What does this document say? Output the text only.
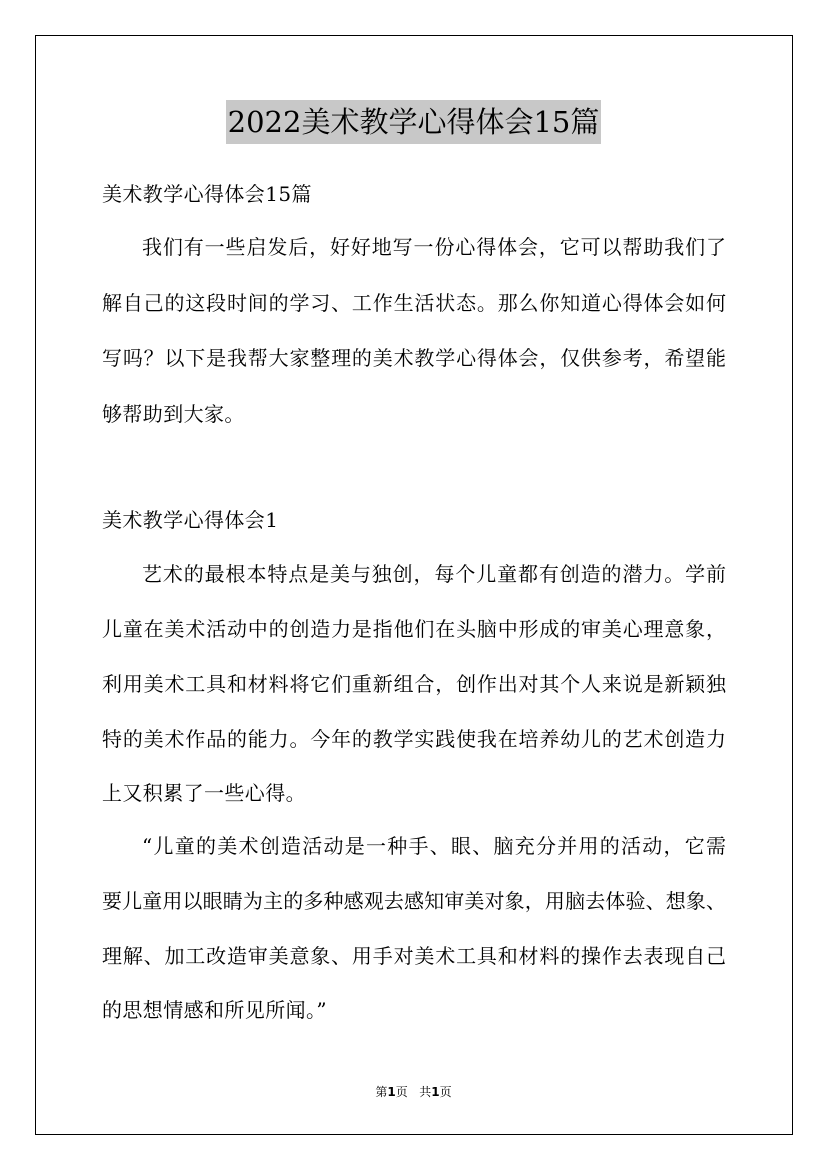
2022美术教学心得体会15篇
美术教学心得体会15篇
我们有一些启发后，好好地写一份心得体会，它可以帮助我们了
解自己的这段时间的学习、工作生活状态。那么你知道心得体会如何
写吗？以下是我帮大家整理的美术教学心得体会，仅供参考，希望能
够帮助到大家。
美术教学心得体会1
艺术的最根本特点是美与独创，每个儿童都有创造的潜力。学前
儿童在美术活动中的创造力是指他们在头脑中形成的审美心理意象，
利用美术工具和材料将它们重新组合，创作出对其个人来说是新颖独
特的美术作品的能力。今年的教学实践使我在培养幼儿的艺术创造力
上又积累了一些心得。
“儿童的美术创造活动是一种手、眼、脑充分并用的活动，它需
要儿童用以眼睛为主的多种感观去感知审美对象，用脑去体验、想象、
理解、加工改造审美意象、用手对美术工具和材料的操作去表现自己
的思想情感和所见所闻。”
第1页   共1页
